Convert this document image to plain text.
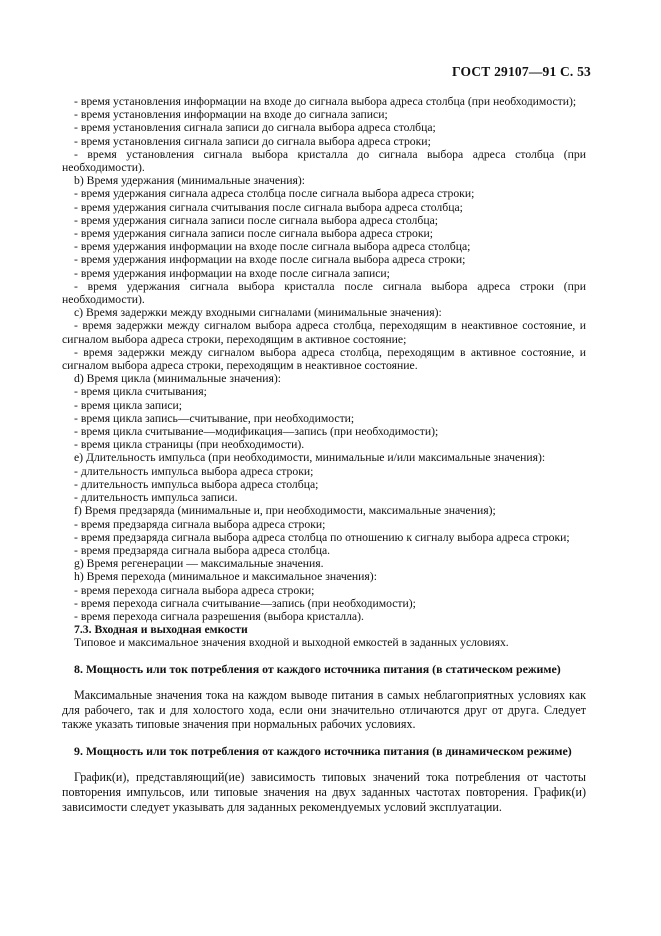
ГОСТ 29107—91 С. 53

- время установления информации на входе до сигнала выбора адреса столбца (при необходимости);

- время установления информации на входе до сигнала записи;

- время установления сигнала записи до сигнала выбора адреса столбца;

- время установления сигнала записи до сигнала выбора адреса строки;

- время установления сигнала выбора кристалла до сигнала выбора адреса столбца (при необходимости).

b) Время удержания (минимальные значения):

- время удержания сигнала адреса столбца после сигнала выбора адреса строки;

- время удержания сигнала считывания после сигнала выбора адреса столбца;

- время удержания сигнала записи после сигнала выбора адреса столбца;

- время удержания сигнала записи после сигнала выбора адреса строки;

- время удержания информации на входе после сигнала выбора адреса столбца;

- время удержания информации на входе после сигнала выбора адреса строки;

- время удержания информации на входе после сигнала записи;

- время удержания сигнала выбора кристалла после сигнала выбора адреса строки (при необходимости).

c) Время задержки между входными сигналами (минимальные значения):

- время задержки между сигналом выбора адреса столбца, переходящим в неактивное состояние, и сигналом выбора адреса строки, переходящим в активное состояние;

- время задержки между сигналом выбора адреса столбца, переходящим в активное состояние, и сигналом выбора адреса строки, переходящим в неактивное состояние.

d) Время цикла (минимальные значения):

- время цикла считывания;

- время цикла записи;

- время цикла запись—считывание, при необходимости;

- время цикла считывание—модификация—запись (при необходимости);

- время цикла страницы (при необходимости).

e) Длительность импульса (при необходимости, минимальные и/или максимальные значения):

- длительность импульса выбора адреса строки;

- длительность импульса выбора адреса столбца;

- длительность импульса записи.

f) Время предзаряда (минимальные и, при необходимости, максимальные значения);

- время предзаряда сигнала выбора адреса строки;

- время предзаряда сигнала выбора адреса столбца по отношению к сигналу выбора адреса строки;

- время предзаряда сигнала выбора адреса столбца.

g) Время регенерации — максимальные значения.

h) Время перехода (минимальное и максимальное значения):

- время перехода сигнала выбора адреса строки;

- время перехода сигнала считывание—запись (при необходимости);

- время перехода сигнала разрешения (выбора кристалла).

7.3. Входная и выходная емкости

Типовое и максимальное значения входной и выходной емкостей в заданных условиях.

8. Мощность или ток потребления от каждого источника питания (в статическом режиме)

Максимальные значения тока на каждом выводе питания в самых неблагоприятных условиях как для рабочего, так и для холостого хода, если они значительно отличаются друг от друга. Следует также указать типовые значения при нормальных рабочих условиях.

9. Мощность или ток потребления от каждого источника питания (в динамическом режиме)

График(и), представляющий(ие) зависимость типовых значений тока потребления от частоты повторения импульсов, или типовые значения на двух заданных частотах повторения. График(и) зависимости следует указывать для заданных рекомендуемых условий эксплуатации.
